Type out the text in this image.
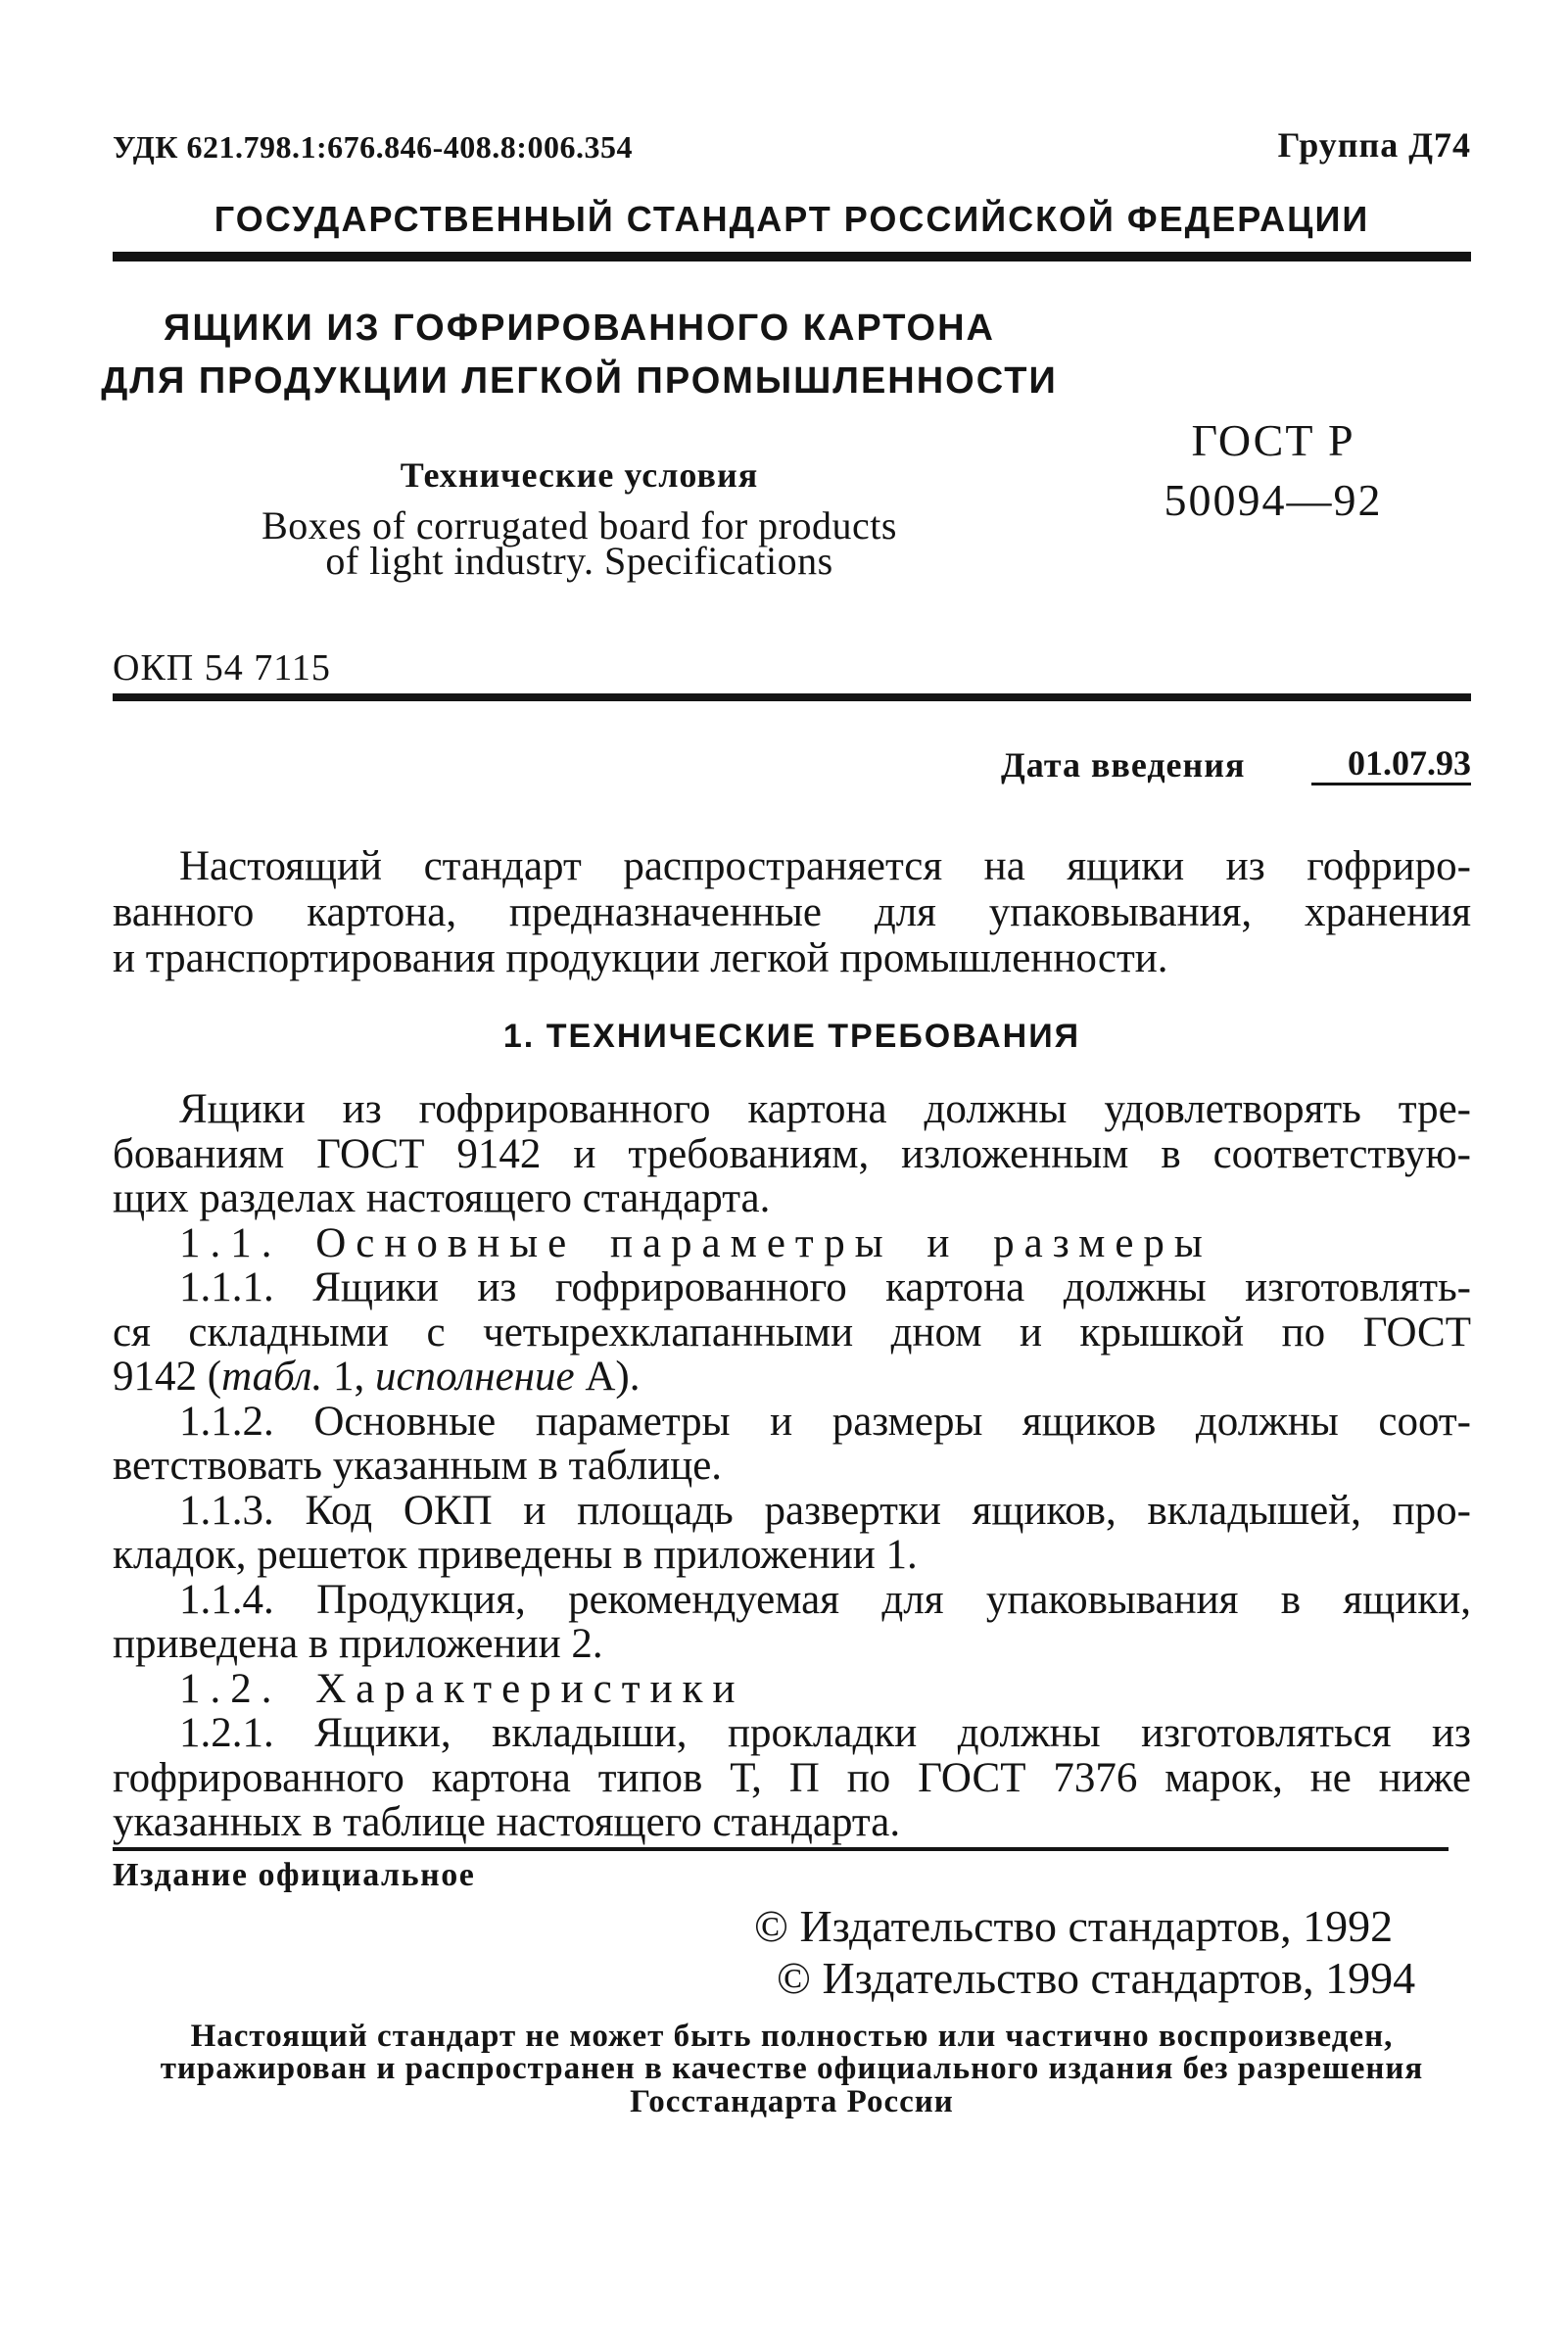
УДК 621.798.1:676.846-408.8:006.354	Группа Д74
ГОСУДАРСТВЕННЫЙ СТАНДАРТ РОССИЙСКОЙ ФЕДЕРАЦИИ
ЯЩИКИ ИЗ ГОФРИРОВАННОГО КАРТОНА
ДЛЯ ПРОДУКЦИИ ЛЕГКОЙ ПРОМЫШЛЕННОСТИ
Технические условия
Boxes of corrugated board for products
of light industry. Specifications
ГОСТ Р
50094—92
ОКП 54 7115
Дата введения	01.07.93
Настоящий стандарт распространяется на ящики из гофриро-
ванного картона, предназначенные для упаковывания, хранения
и транспортирования продукции легкой промышленности.
1. ТЕХНИЧЕСКИЕ ТРЕБОВАНИЯ
Ящики из гофрированного картона должны удовлетворять тре-
бованиям ГОСТ 9142 и требованиям, изложенным в соответствую-
щих разделах настоящего стандарта.
1.1. Основные параметры и размеры
1.1.1. Ящики из гофрированного картона должны изготовлять-
ся складными с четырехклапанными дном и крышкой по ГОСТ
9142 (табл. 1, исполнение А).
1.1.2. Основные параметры и размеры ящиков должны соот-
ветствовать указанным в таблице.
1.1.3. Код ОКП и площадь развертки ящиков, вкладышей, про-
кладок, решеток приведены в приложении 1.
1.1.4. Продукция, рекомендуемая для упаковывания в ящики,
приведена в приложении 2.
1.2. Характеристики
1.2.1. Ящики, вкладыши, прокладки должны изготовляться из
гофрированного картона типов Т, П по ГОСТ 7376 марок, не ниже
указанных в таблице настоящего стандарта.
Издание официальное
© Издательство стандартов, 1992
© Издательство стандартов, 1994
Настоящий стандарт не может быть полностью или частично воспроизведен,
тиражирован и распространен в качестве официального издания без разрешения
Госстандарта России
